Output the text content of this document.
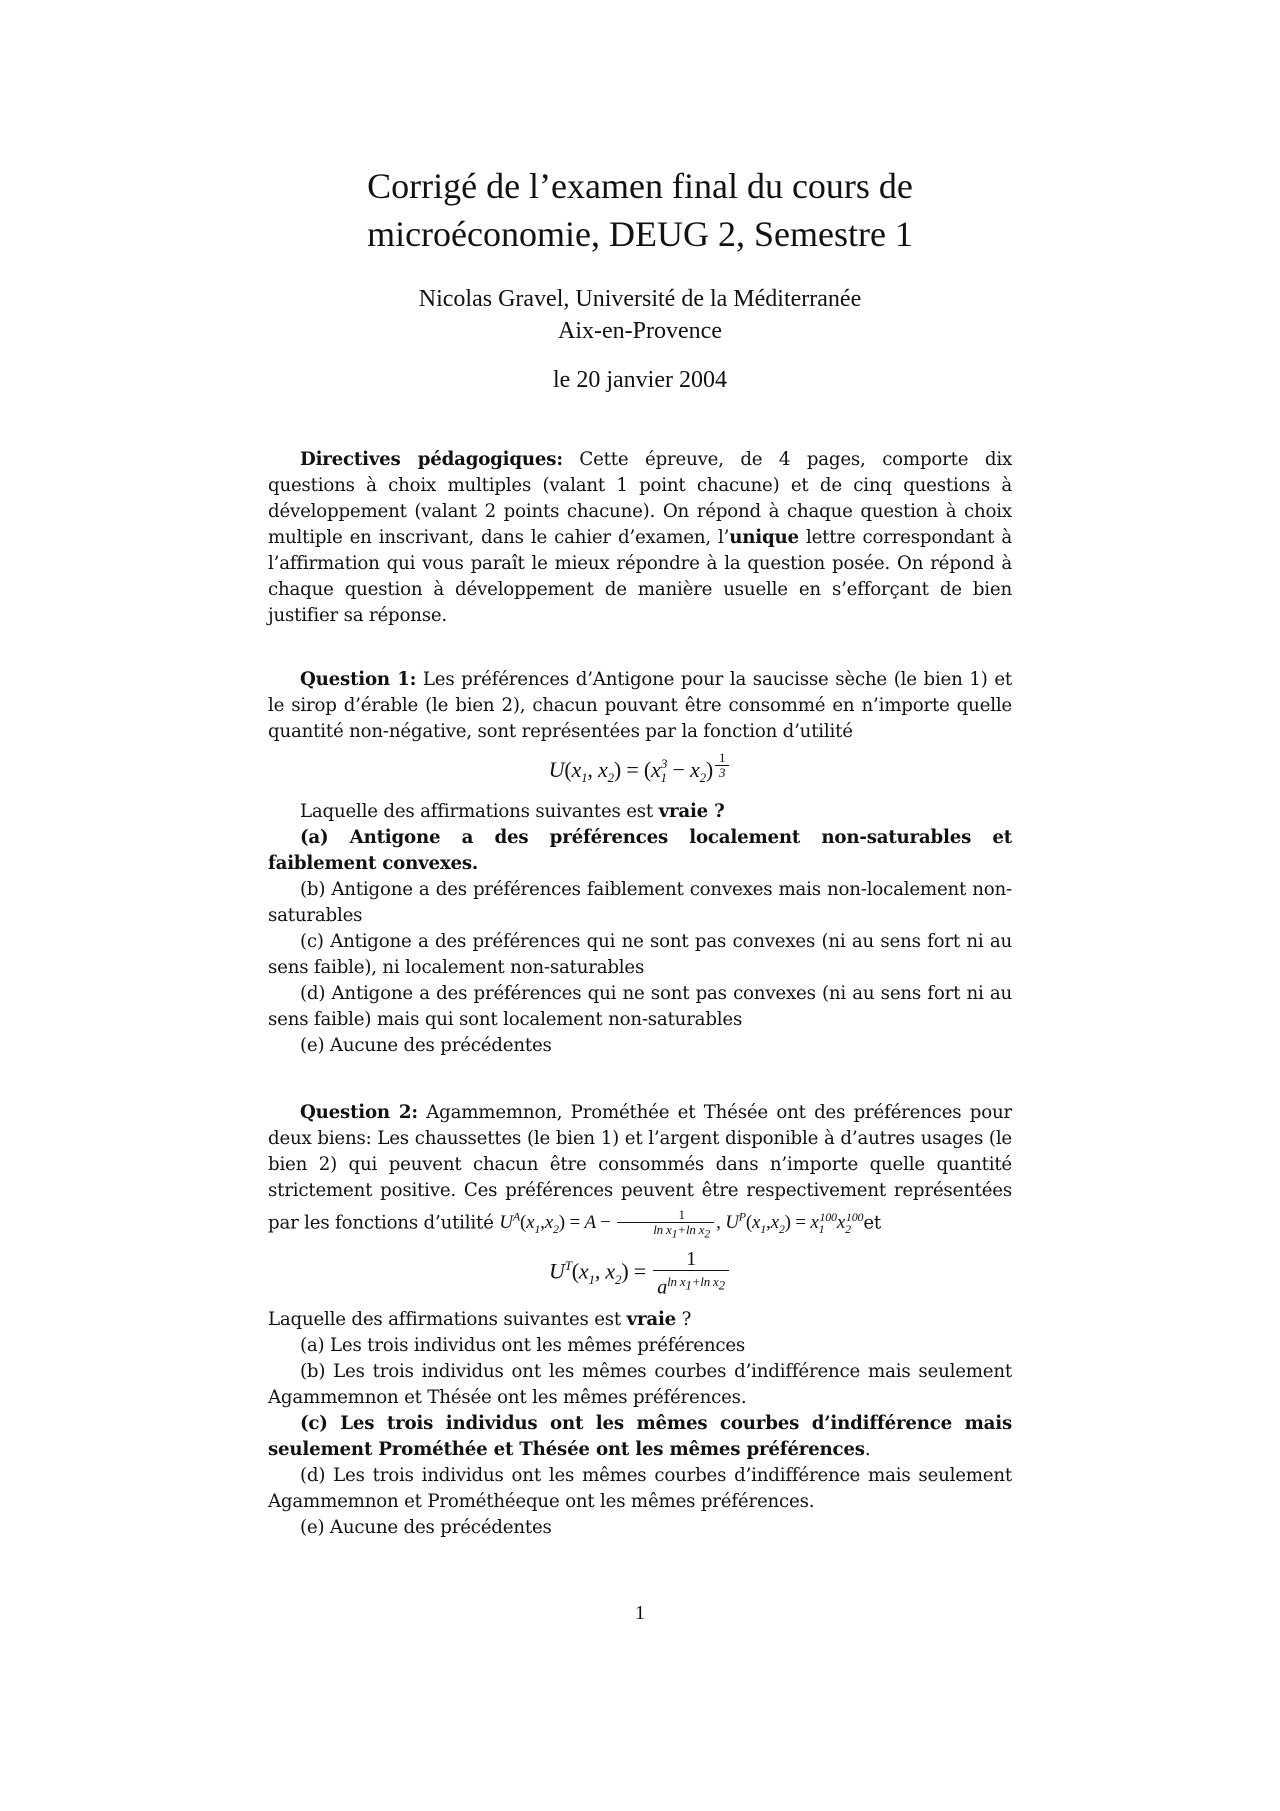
Corrigé de l’examen final du cours de
microéconomie, DEUG 2, Semestre 1
Nicolas Gravel, Université de la Méditerranée
Aix-en-Provence
le 20 janvier 2004

Directives pédagogiques: Cette épreuve, de 4 pages, comporte dix questions à choix multiples (valant 1 point chacune) et de cinq questions à développement (valant 2 points chacune). On répond à chaque question à choix multiple en inscrivant, dans le cahier d’examen, l’unique lettre correspondant à l’affirmation qui vous paraît le mieux répondre à la question posée. On répond à chaque question à développement de manière usuelle en s’efforçant de bien justifier sa réponse.

Question 1: Les préférences d’Antigone pour la saucisse sèche (le bien 1) et le sirop d’érable (le bien 2), chacun pouvant être consommé en n’importe quelle quantité non-négative, sont représentées par la fonction d’utilité

$U(x_1$, $x_2) = (x_1^3 - x_2)$ $^{\frac{1}{3}}$

Laquelle des affirmations suivantes est vraie ?

(a) Antigone a des préférences localement non-saturables et faiblement convexes.

(b) Antigone a des préférences faiblement convexes mais non-localement non-saturables

(c) Antigone a des préférences qui ne sont pas convexes (ni au sens fort ni au sens faible), ni localement non-saturables

(d) Antigone a des préférences qui ne sont pas convexes (ni au sens fort ni au sens faible) mais qui sont localement non-saturables

(e) Aucune des précédentes

Question 2: Agammemnon, Prométhée et Thésée ont des préférences pour deux biens: Les chaussettes (le bien 1) et l’argent disponible à d’autres usages (le bien 2) qui peuvent chacun être consommés dans n’importe quelle quantité strictement positive. Ces préférences peuvent être respectivement représentées par les fonctions d’utilité $U^A(x_1,x_2) = A - \frac{1}{\ln x_1+\ln x_2}$ , $U^P(x_1,x_2) = x_1^{100}x_2^{100}et$

$U^T(x_1$, $x_2) = \frac{1}{a^{ln x_1+ln x_2}}$

Laquelle des affirmations suivantes est vraie ?

(a) Les trois individus ont les mêmes préférences

(b) Les trois individus ont les mêmes courbes d’indifférence mais seulement Agammemnon et Thésée ont les mêmes préférences.

(c) Les trois individus ont les mêmes courbes d’indifférence mais seulement Prométhée et Thésée ont les mêmes préférences.

(d) Les trois individus ont les mêmes courbes d’indifférence mais seulement Agammemnon et Prométhéeque ont les mêmes préférences.

(e) Aucune des précédentes

1
